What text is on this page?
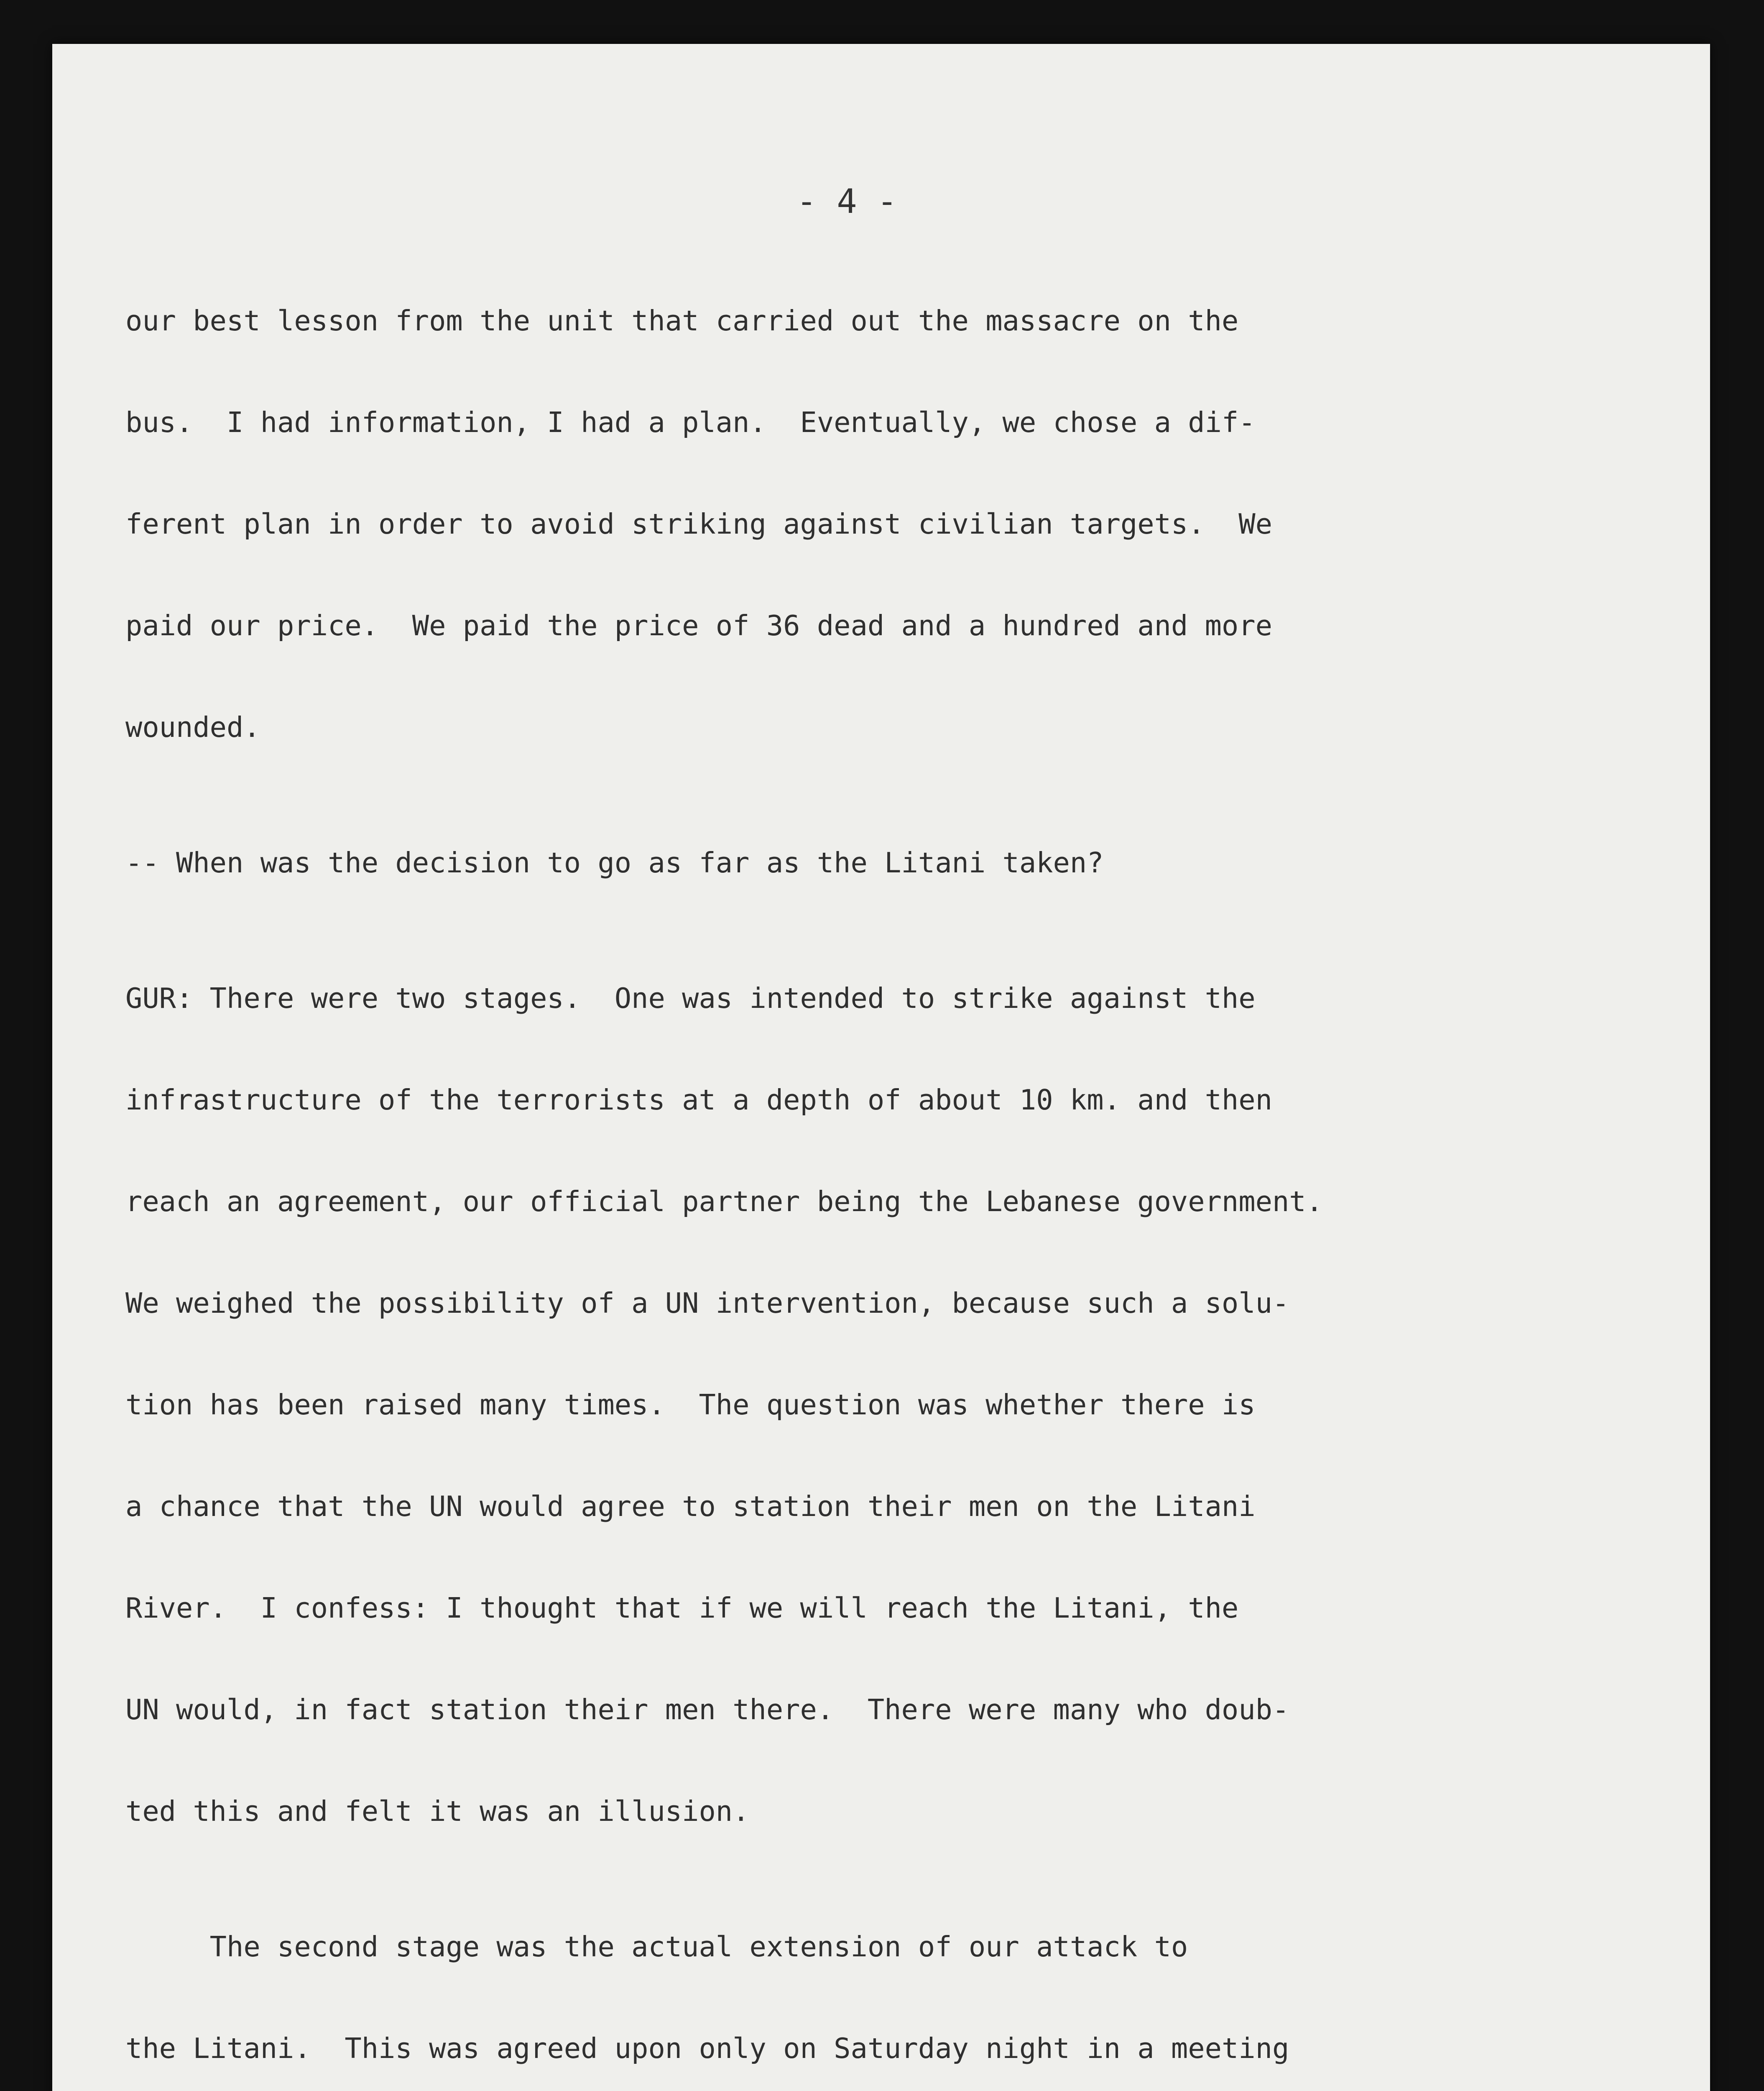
- 4 -

our best lesson from the unit that carried out the massacre on the

bus.  I had information, I had a plan.  Eventually, we chose a dif-

ferent plan in order to avoid striking against civilian targets.  We

paid our price.  We paid the price of 36 dead and a hundred and more

wounded.

-- When was the decision to go as far as the Litani taken?

GUR: There were two stages.  One was intended to strike against the

infrastructure of the terrorists at a depth of about 10 km. and then

reach an agreement, our official partner being the Lebanese government.

We weighed the possibility of a UN intervention, because such a solu-

tion has been raised many times.  The question was whether there is

a chance that the UN would agree to station their men on the Litani

River.  I confess: I thought that if we will reach the Litani, the

UN would, in fact station their men there.  There were many who doub-

ted this and felt it was an illusion.

The second stage was the actual extension of our attack to

the Litani.  This was agreed upon only on Saturday night in a meeting
